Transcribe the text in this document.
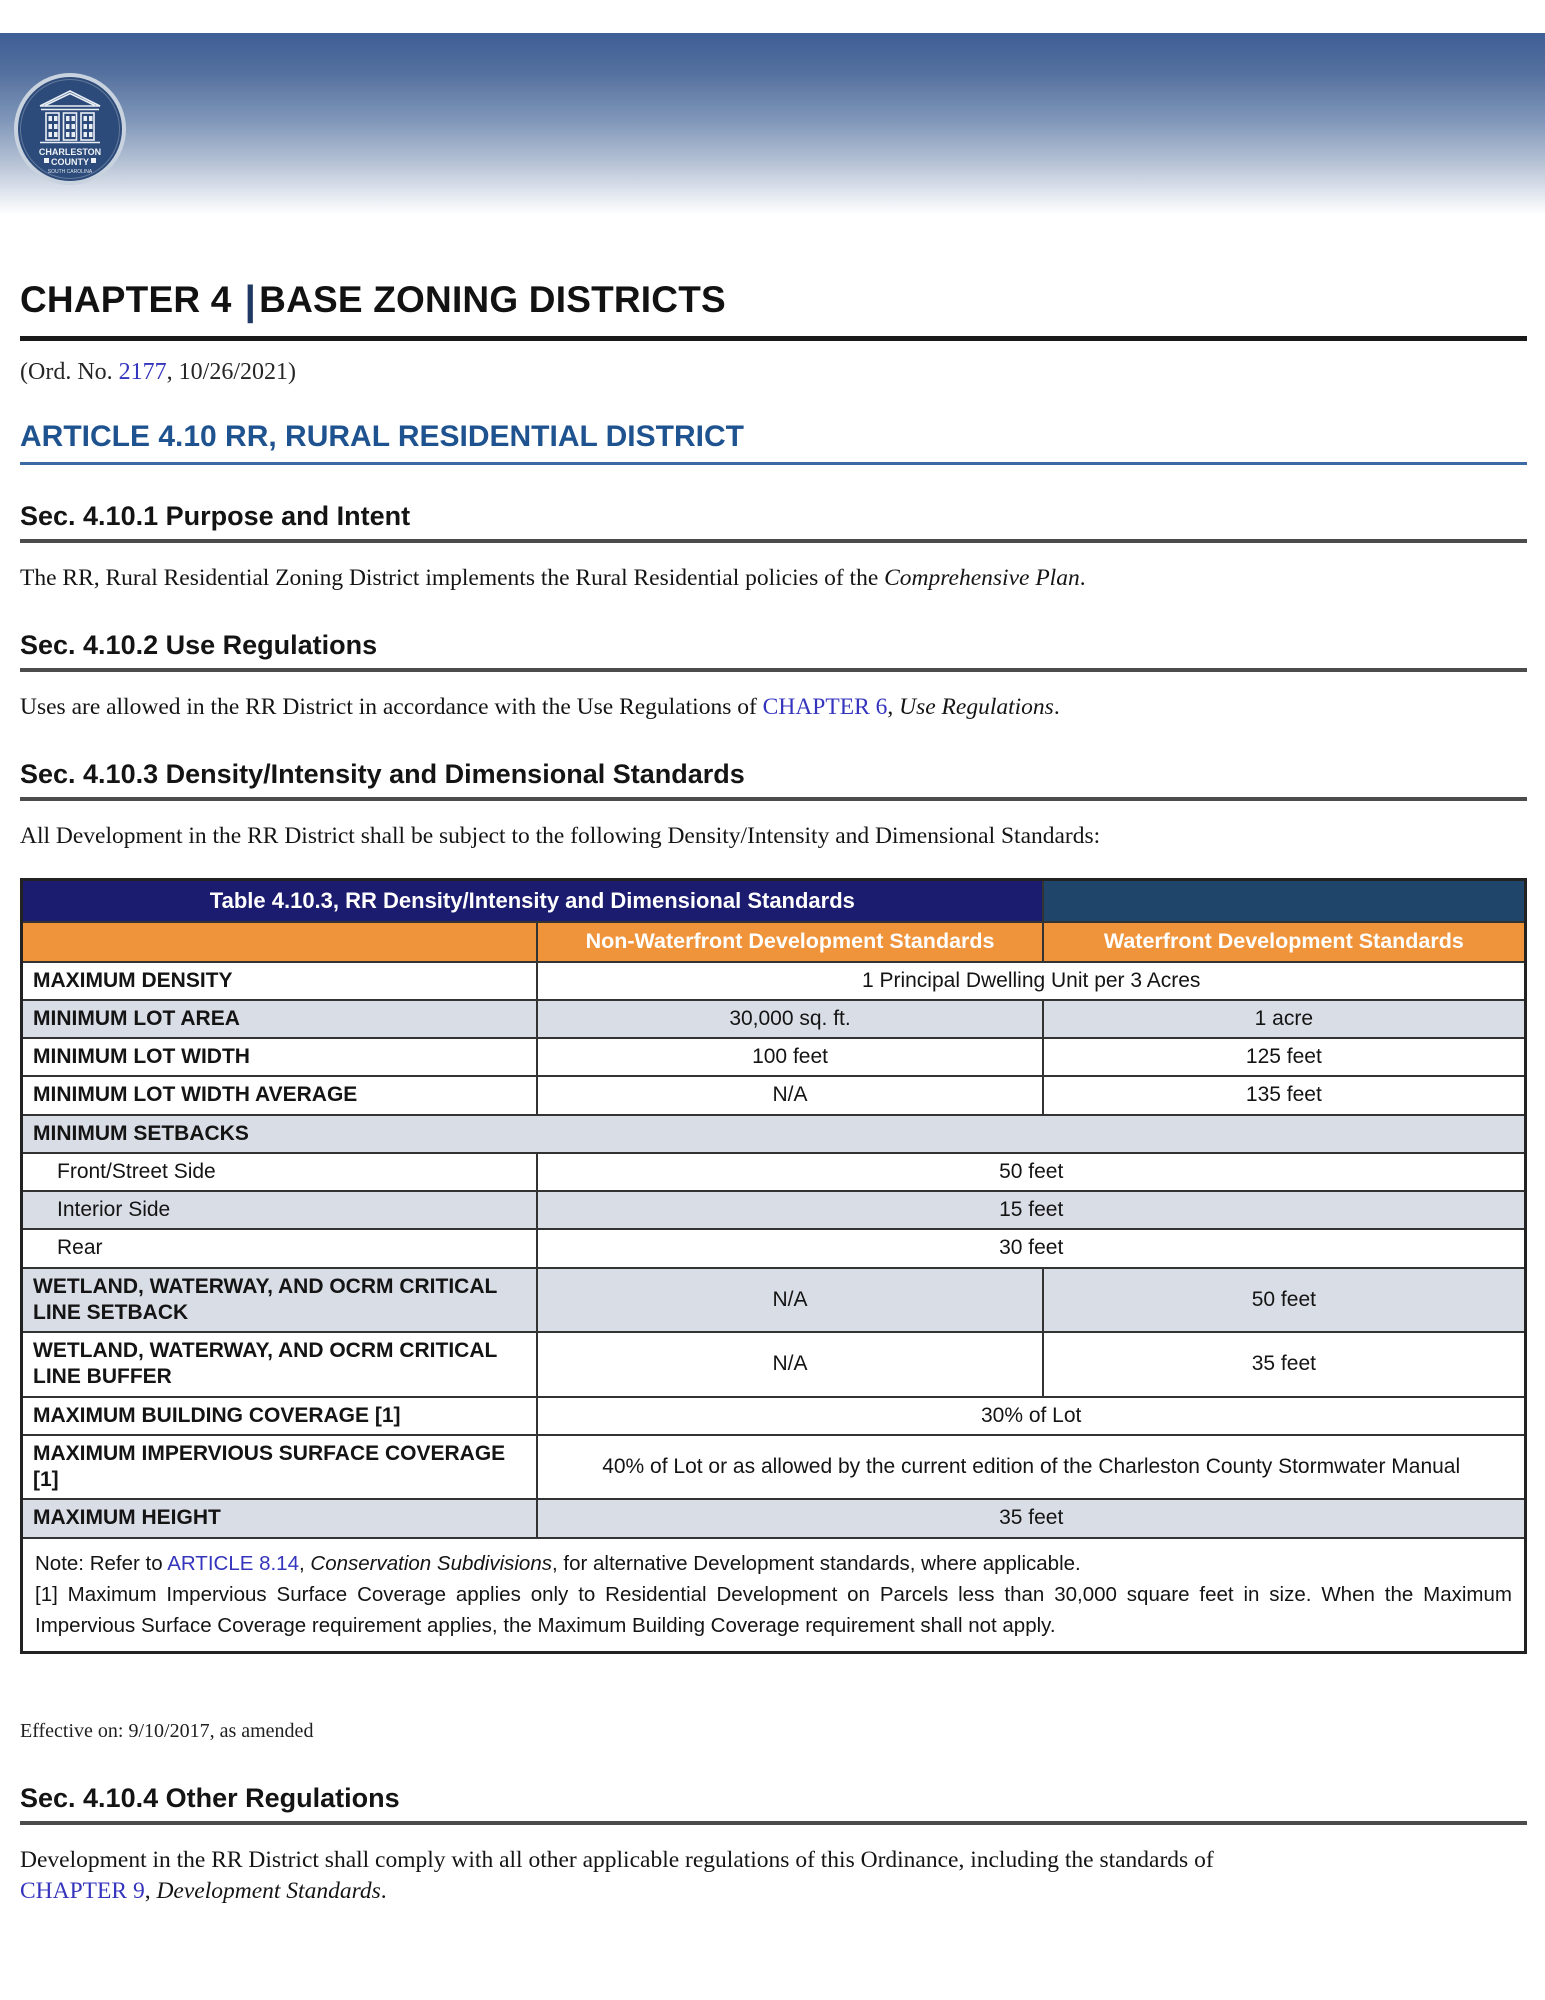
CHARLESTON
COUNTY
SOUTH CAROLINA
CHAPTER 4 |BASE ZONING DISTRICTS

(Ord. No. 2177, 10/26/2021)

ARTICLE 4.10 RR, RURAL RESIDENTIAL DISTRICT
Sec. 4.10.1 Purpose and Intent

The RR, Rural Residential Zoning District implements the Rural Residential policies of the Comprehensive Plan.

Sec. 4.10.2 Use Regulations

Uses are allowed in the RR District in accordance with the Use Regulations of CHAPTER 6, Use Regulations.

Sec. 4.10.3 Density/Intensity and Dimensional Standards

All Development in the RR District shall be subject to the following Density/Intensity and Dimensional Standards:

Table 4.10.3, RR Density/Intensity and Dimensional Standards		
	Non-Waterfront Development Standards	Waterfront Development Standards
MAXIMUM DENSITY	1 Principal Dwelling Unit per 3 Acres	
MINIMUM LOT AREA	30,000 sq. ft.	1 acre
MINIMUM LOT WIDTH	100 feet	125 feet
MINIMUM LOT WIDTH AVERAGE	N/A	135 feet
MINIMUM SETBACKS		
Front/Street Side	50 feet	
Interior Side	15 feet	
Rear	30 feet	
WETLAND, WATERWAY, AND OCRM CRITICAL LINE SETBACK	N/A	50 feet
WETLAND, WATERWAY, AND OCRM CRITICAL LINE BUFFER	N/A	35 feet
MAXIMUM BUILDING COVERAGE [1]	30% of Lot	
MAXIMUM IMPERVIOUS SURFACE COVERAGE [1]	40% of Lot or as allowed by the current edition of the Charleston County Stormwater Manual	
MAXIMUM HEIGHT	35 feet	

Note: Refer to ARTICLE 8.14, Conservation Subdivisions, for alternative Development standards, where applicable.

[1] Maximum Impervious Surface Coverage applies only to Residential Development on Parcels less than 30,000 square feet in size. When the Maximum Impervious Surface Coverage requirement applies, the Maximum Building Coverage requirement shall not apply.		

Effective on: 9/10/2017, as amended

Sec. 4.10.4 Other Regulations

Development in the RR District shall comply with all other applicable regulations of this Ordinance, including the standards of
CHAPTER 9, Development Standards.
